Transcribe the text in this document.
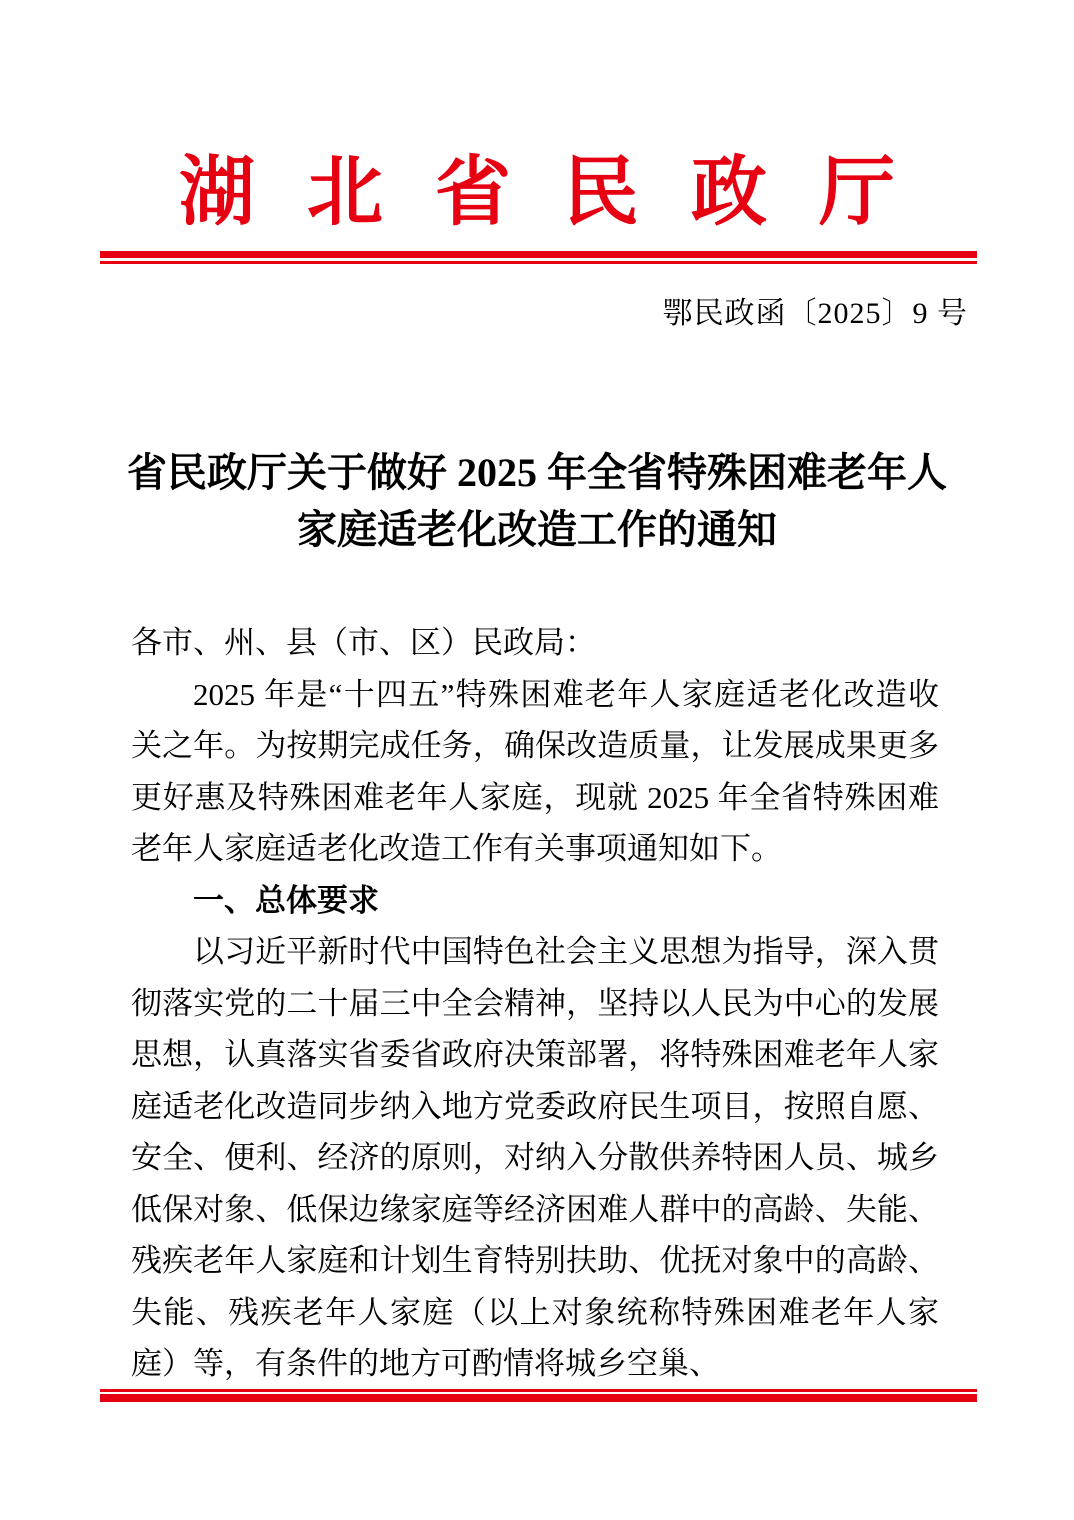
湖北省民政厅
鄂民政函〔2025〕9 号
省民政厅关于做好 2025 年全省特殊困难老年人
家庭适老化改造工作的通知

各市、州、县（市、区）民政局：

2025 年是“十四五”特殊困难老年人家庭适老化改造收关之年。为按期完成任务，确保改造质量，让发展成果更多更好惠及特殊困难老年人家庭，现就 2025 年全省特殊困难老年人家庭适老化改造工作有关事项通知如下。

一、总体要求

以习近平新时代中国特色社会主义思想为指导，深入贯彻落实党的二十届三中全会精神，坚持以人民为中心的发展思想，认真落实省委省政府决策部署，将特殊困难老年人家庭适老化改造同步纳入地方党委政府民生项目，按照自愿、安全、便利、经济的原则，对纳入分散供养特困人员、城乡低保对象、低保边缘家庭等经济困难人群中的高龄、失能、残疾老年人家庭和计划生育特别扶助、优抚对象中的高龄、失能、残疾老年人家庭（以上对象统称特殊困难老年人家庭）等，有条件的地方可酌情将城乡空巢、
